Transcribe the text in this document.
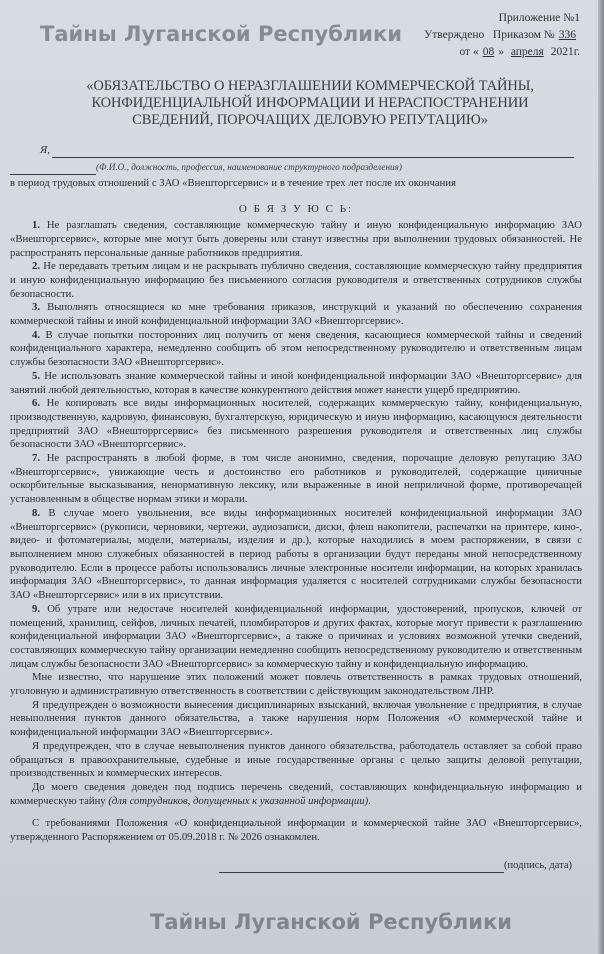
Приложение №1
Утверждено Приказом № 336
от « 08 » апреля 2021г.
«ОБЯЗАТЕЛЬСТВО О НЕРАЗГЛАШЕНИИ КОММЕРЧЕСКОЙ ТАЙНЫ,
КОНФИДЕНЦИАЛЬНОЙ ИНФОРМАЦИИ И НЕРАСПОСТРАНЕНИИ
СВЕДЕНИЙ, ПОРОЧАЩИХ ДЕЛОВУЮ РЕПУТАЦИЮ»
Я,
(Ф.И.О., должность, профессия, наименование структурного подразделения)
в период трудовых отношений с ЗАО «Внешторгсервис» и в течение трех лет после их окончания
О Б Я З У Ю С Ь:

1. Не разглашать сведения, составляющие коммерческую тайну и иную конфиденциальную информацию ЗАО «Внешторгсервис», которые мне могут быть доверены или станут известны при выполнении трудовых обязанностей. Не распространять персональные данные работников предприятия.

2. Не передавать третьим лицам и не раскрывать публично сведения, составляющие коммерческую тайну предприятия и иную конфиденциальную информацию без письменного согласия руководителя и ответственных сотрудников службы безопасности.

3. Выполнять относящиеся ко мне требования приказов, инструкций и указаний по обеспечению сохранения коммерческой тайны и иной конфиденциальной информации ЗАО «Внешторгсервис».

4. В случае попытки посторонних лиц получить от меня сведения, касающиеся коммерческой тайны и сведений конфиденциального характера, немедленно сообщить об этом непосредственному руководителю и ответственным лицам службы безопасности ЗАО «Внешторгсервис».

5. Не использовать знание коммерческой тайны и иной конфиденциальной информации ЗАО «Внешторгсервис» для занятий любой деятельностью, которая в качестве конкурентного действия может нанести ущерб предприятию.

6. Не копировать все виды информационных носителей, содержащих коммерческую тайну, конфиденциальную, производственную, кадровую, финансовую, бухгалтерскую, юридическую и иную информацию, касающуюся деятельности предприятий ЗАО «Внешторргсервис» без письменного разрешения руководителя и ответственных лиц службы безопасности ЗАО «Внешторгсервис».

7. Не распространять в любой форме, в том числе анонимно, сведения, порочащие деловую репутацию ЗАО «Внешторгсервис», унижающие честь и достоинство его работников и руководителей, содержащие циничные оскорбительные высказывания, ненормативную лексику, или выраженные в иной неприличной форме, противоречащей установленным в обществе нормам этики и морали.

8. В случае моего увольнения, все виды информационных носителей конфиденциальной информации ЗАО «Внешторгсервис» (рукописи, черновики, чертежи, аудиозаписи, диски, флеш накопители, распечатки на принтере, кино-, видео- и фотоматериалы, модели, материалы, изделия и др.), которые находились в моем распоряжении, в связи с выполнением мною служебных обязанностей в период работы в организации будут переданы мной непосредственному руководителю. Если в процессе работы использовались личные электронные носители информации, на которых хранилась информация ЗАО «Внешторгсервис», то данная информация удаляется с носителей сотрудниками службы безопасности ЗАО «Внешторгсервис» или в их присутствии.

9. Об утрате или недостаче носителей конфиденциальной информации, удостоверений, пропусков, ключей от помещений, хранилищ, сейфов, личных печатей, пломбираторов и других фактах, которые могут привести к разглашению конфиденциальной информации ЗАО «Внешторгсервис», а также о причинах и условиях возможной утечки сведений, составляющих коммерческую тайну организации немедленно сообщить непосредственному руководителю и ответственным лицам службы безопасности ЗАО «Внешторгсервис» за коммерческую тайну и конфиденциальную информацию.

Мне известно, что нарушение этих положений может повлечь ответственность в рамках трудовых отношений, уголовную и административную ответственность в соответствии с действующим законодательством ЛНР.

Я предупрежден о возможности вынесения дисциплинарных взысканий, включая увольнение с предприятия, в случае невыполнения пунктов данного обязательства, а также нарушения норм Положения «О коммерческой тайне и конфиденциальной информации ЗАО «Внешторгсервис».

Я предупрежден, что в случае невыполнения пунктов данного обязательства, работодатель оставляет за собой право обращаться в правоохранительные, судебные и иные государственные органы с целью защиты деловой репутации, производственных и коммерческих интересов.

До моего сведения доведен под подпись перечень сведений, составляющих конфиденциальную информацию и коммерческую тайну (для сотрудников, допущенных к указанной информации).

С требованиями Положения «О конфиденциальной информации и коммерческой тайне ЗАО «Внешторгсервис», утвержденного Распоряжением от 05.09.2018 г. № 2026 ознакомлен.

(подпись, дата)
Тайны Луганской Республики
Тайны Луганской Республики
